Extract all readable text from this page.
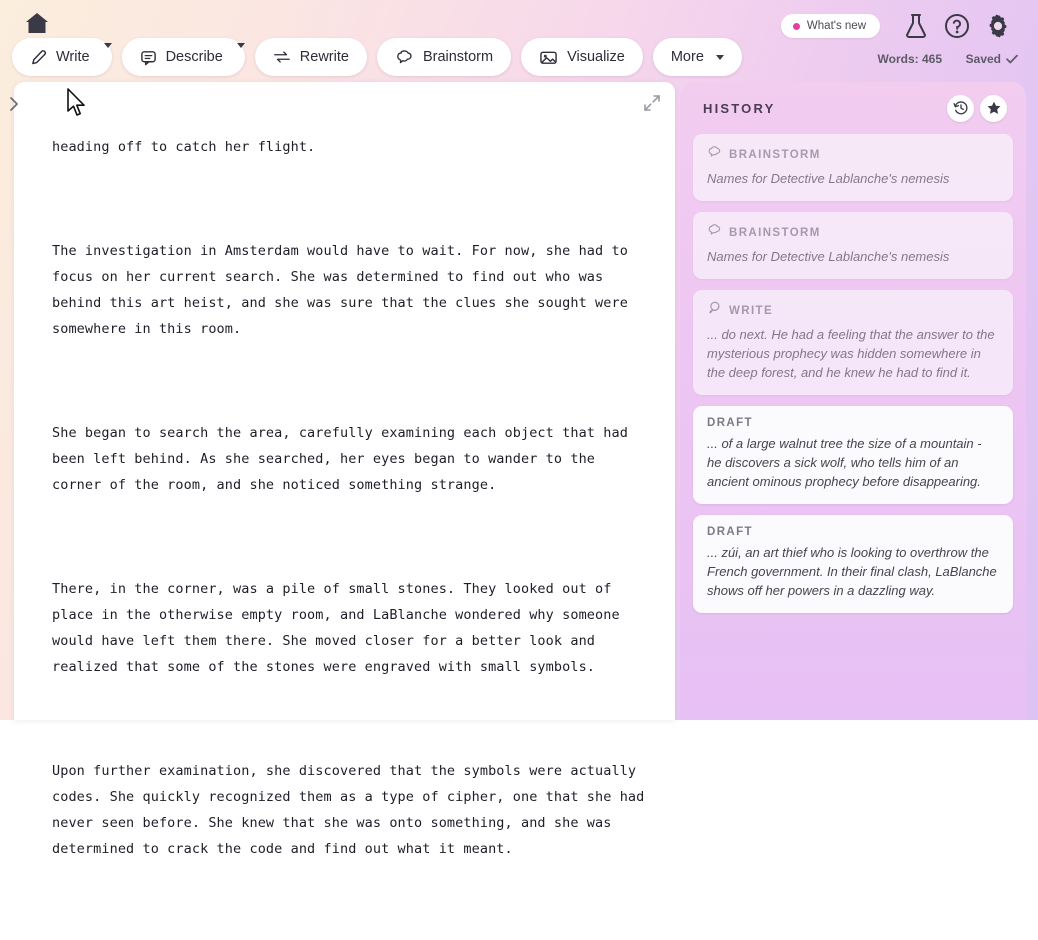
What's new
Write	Describe	Rewrite	Brainstorm	Visualize	More	Words: 465 Saved

heading off to catch her flight.

The investigation in Amsterdam would have to wait. For now, she had to focus on her current search. She was determined to find out who was behind this art heist, and she was sure that the clues she sought were somewhere in this room.

She began to search the area, carefully examining each object that had been left behind. As she searched, her eyes began to wander to the corner of the room, and she noticed something strange.

There, in the corner, was a pile of small stones. They looked out of place in the otherwise empty room, and LaBlanche wondered why someone would have left them there. She moved closer for a better look and realized that some of the stones were engraved with small symbols.

Upon further examination, she discovered that the symbols were actually codes. She quickly recognized them as a type of cipher, one that she had never seen before. She knew that she was onto something, and she was determined to crack the code and find out what it meant.

HISTORY
BRAINSTORM
Names for Detective Lablanche's nemesis
BRAINSTORM
Names for Detective Lablanche's nemesis
WRITE
... do next. He had a feeling that the answer to the mysterious prophecy was hidden somewhere in the deep forest, and he knew he had to find it.
DRAFT
... of a large walnut tree the size of a mountain - he discovers a sick wolf, who tells him of an ancient ominous prophecy before disappearing.
DRAFT
... zúi, an art thief who is looking to overthrow the French government. In their final clash, LaBlanche shows off her powers in a dazzling way.
